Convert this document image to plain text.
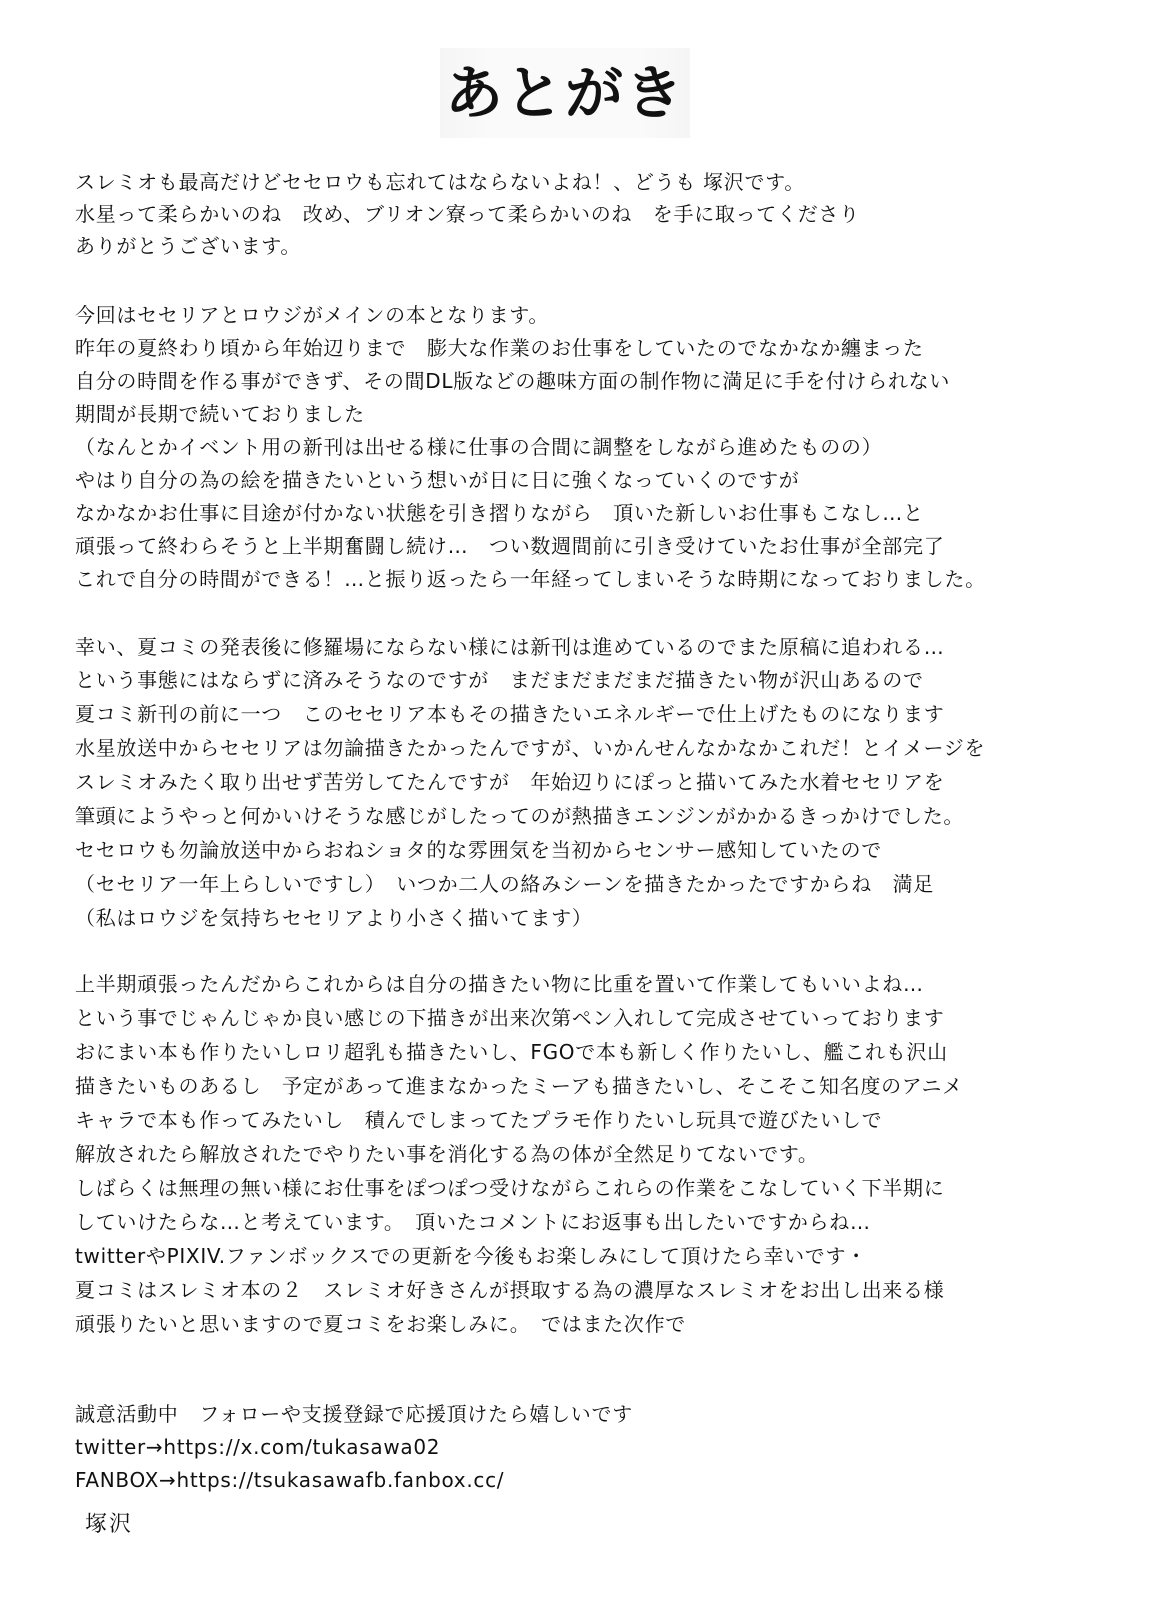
あとがき
スレミオも最高だけどセセロウも忘れてはならないよね！、どうも 塚沢です。
水星って柔らかいのね　改め、ブリオン寮って柔らかいのね　を手に取ってくださり
ありがとうございます。
今回はセセリアとロウジがメインの本となります。
昨年の夏終わり頃から年始辺りまで　膨大な作業のお仕事をしていたのでなかなか纏まった
自分の時間を作る事ができず、その間DL版などの趣味方面の制作物に満足に手を付けられない
期間が長期で続いておりました
（なんとかイベント用の新刊は出せる様に仕事の合間に調整をしながら進めたものの）
やはり自分の為の絵を描きたいという想いが日に日に強くなっていくのですが
なかなかお仕事に目途が付かない状態を引き摺りながら　頂いた新しいお仕事もこなし…と
頑張って終わらそうと上半期奮闘し続け…　つい数週間前に引き受けていたお仕事が全部完了
これで自分の時間ができる！…と振り返ったら一年経ってしまいそうな時期になっておりました。
幸い、夏コミの発表後に修羅場にならない様には新刊は進めているのでまた原稿に追われる…
という事態にはならずに済みそうなのですが　まだまだまだまだ描きたい物が沢山あるので
夏コミ新刊の前に一つ　このセセリア本もその描きたいエネルギーで仕上げたものになります
水星放送中からセセリアは勿論描きたかったんですが、いかんせんなかなかこれだ！とイメージを
スレミオみたく取り出せず苦労してたんですが　年始辺りにぽっと描いてみた水着セセリアを
筆頭にようやっと何かいけそうな感じがしたってのが熱描きエンジンがかかるきっかけでした。
セセロウも勿論放送中からおねショタ的な雰囲気を当初からセンサー感知していたので
（セセリア一年上らしいですし）　いつか二人の絡みシーンを描きたかったですからね　満足
（私はロウジを気持ちセセリアより小さく描いてます）
上半期頑張ったんだからこれからは自分の描きたい物に比重を置いて作業してもいいよね…
という事でじゃんじゃか良い感じの下描きが出来次第ペン入れして完成させていっております
おにまい本も作りたいしロリ超乳も描きたいし、FGOで本も新しく作りたいし、艦これも沢山
描きたいものあるし　予定があって進まなかったミーアも描きたいし、そこそこ知名度のアニメ
キャラで本も作ってみたいし　積んでしまってたプラモ作りたいし玩具で遊びたいしで
解放されたら解放されたでやりたい事を消化する為の体が全然足りてないです。
しばらくは無理の無い様にお仕事をぽつぽつ受けながらこれらの作業をこなしていく下半期に
していけたらな…と考えています。　頂いたコメントにお返事も出したいですからね…
twitterやPIXIV.ファンボックスでの更新を今後もお楽しみにして頂けたら幸いです・
夏コミはスレミオ本の２　スレミオ好きさんが摂取する為の濃厚なスレミオをお出し出来る様
頑張りたいと思いますので夏コミをお楽しみに。　ではまた次作で
誠意活動中　フォローや支援登録で応援頂けたら嬉しいです
twitter→https://x.com/tukasawa02
FANBOX→https://tsukasawafb.fanbox.cc/
塚沢
